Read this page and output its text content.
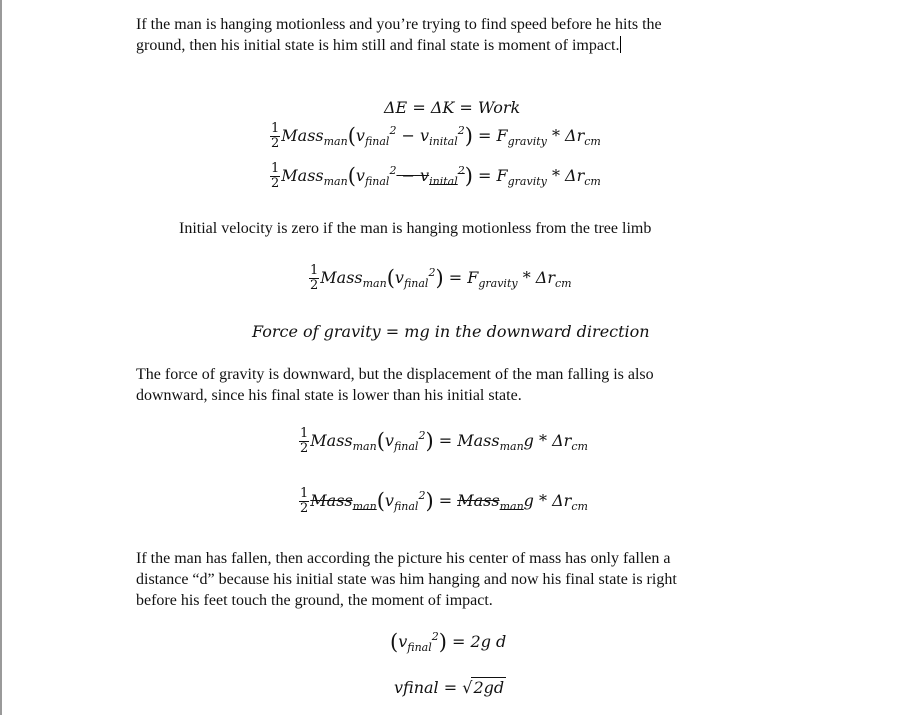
If the man is hanging motionless and you’re trying to find speed before he hits the

ground, then his initial state is him still and final state is moment of impact.

ΔE = ΔK = Work
$\frac{1}{2}$ $Mass_{man}(v_{final}^2 - v_{inital}^2) = F_{gravity} * \Delta r_{cm}$
$\frac{1}{2}$ $Mass_{man}(v_{final}^2 - v_{inital}^2) = F_{gravity} * \Delta r_{cm}$

Initial velocity is zero if the man is hanging motionless from the tree limb

$\frac{1}{2}$ $Mass_{man}(v_{final}^2) = F_{gravity} * \Delta r_{cm}$
Force of gravity = mg in the downward direction

The force of gravity is downward, but the displacement of the man falling is also

downward, since his final state is lower than his initial state.

$\frac{1}{2}$ $Mass_{man}(v_{final}^2)$ = Mass$_{man}$g * $\Delta r_{cm}$
$\frac{1}{2}$ $Mass_{man}(v_{final}^2)$ = Mass$_{man}$g * $\Delta r_{cm}$

If the man has fallen, then according the picture his center of mass has only fallen a

distance “d” because his initial state was him hanging and now his final state is right

before his feet touch the ground, the moment of impact.

$(v_{final}^2) = 2g$ d
vfinal = √2gd
